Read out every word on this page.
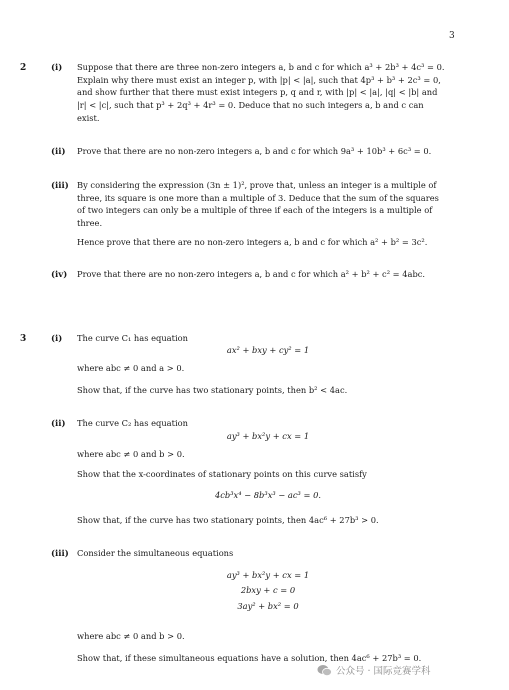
3
2	(i) Suppose that there are three non-zero integers a, b and c for which a³ + 2b³ + 4c³ = 0.
Explain why there must exist an integer p, with |p| < |a|, such that 4p³ + b³ + 2c³ = 0,
and show further that there must exist integers p, q and r, with |p| < |a|, |q| < |b| and
|r| < |c|, such that p³ + 2q³ + 4r³ = 0. Deduce that no such integers a, b and c can
exist.
(ii) Prove that there are no non-zero integers a, b and c for which 9a³ + 10b³ + 6c³ = 0.
(iii) By considering the expression (3n ± 1)², prove that, unless an integer is a multiple of
three, its square is one more than a multiple of 3. Deduce that the sum of the squares
of two integers can only be a multiple of three if each of the integers is a multiple of
three.
Hence prove that there are no non-zero integers a, b and c for which a² + b² = 3c².
(iv) Prove that there are no non-zero integers a, b and c for which a² + b² + c² = 4abc.
3	(i) The curve C₁ has equation
ax² + bxy + cy² = 1
where abc ≠ 0 and a > 0.
Show that, if the curve has two stationary points, then b² < 4ac.
(ii) The curve C₂ has equation
ay³ + bx²y + cx = 1
where abc ≠ 0 and b > 0.
Show that the x-coordinates of stationary points on this curve satisfy
4cb³x⁴ − 8b³x³ − ac³ = 0.
Show that, if the curve has two stationary points, then 4ac⁶ + 27b³ > 0.
(iii) Consider the simultaneous equations
ay³ + bx²y + cx = 1
2bxy + c = 0
3ay² + bx² = 0
where abc ≠ 0 and b > 0.
Show that, if these simultaneous equations have a solution, then 4ac⁶ + 27b³ = 0.
公众号 · 国际竞赛学科
